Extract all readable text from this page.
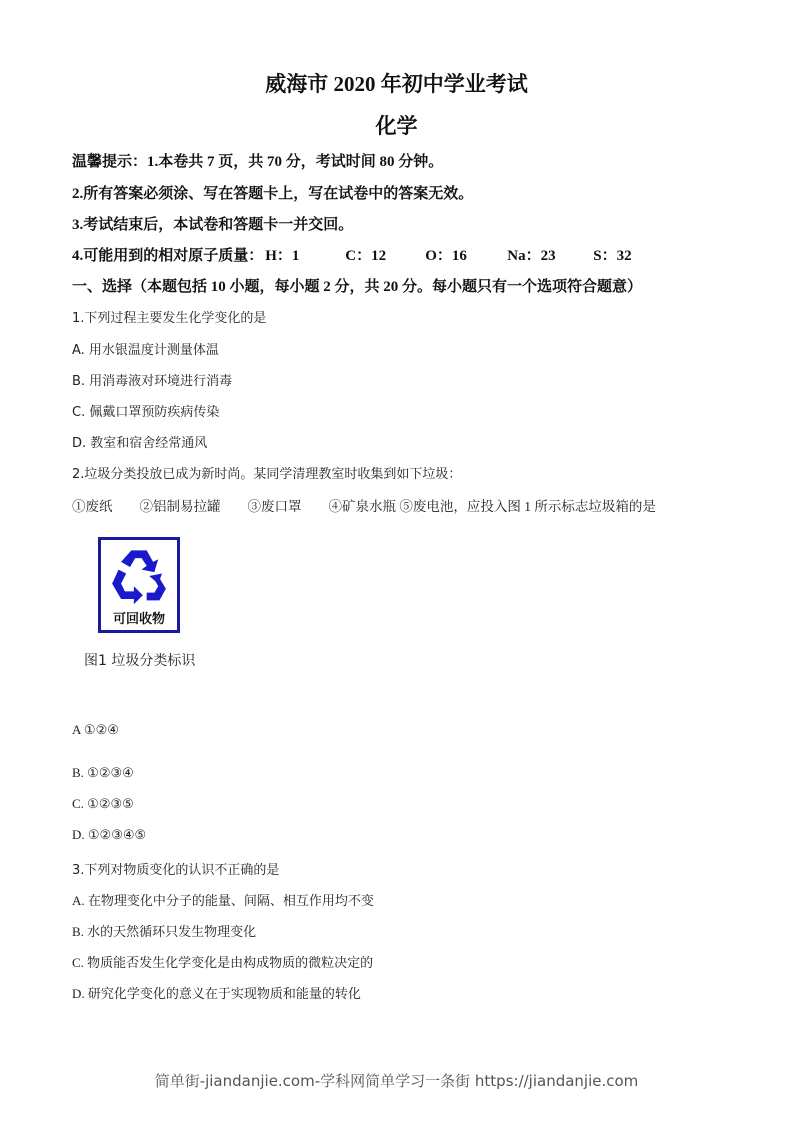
威海市 2020 年初中学业考试
化学
温馨提示：1.本卷共 7 页，共 70 分，考试时间 80 分钟。
2.所有答案必须涂、写在答题卡上，写在试卷中的答案无效。
3.考试结束后，本试卷和答题卡一并交回。
4.可能用到的相对原子质量： H：1	C：12	O：16	Na：23	S：32
一、选择（本题包括 10 小题，每小题 2 分，共 20 分。每小题只有一个选项符合题意）
1.下列过程主要发生化学变化的是
A. 用水银温度计测量体温
B. 用消毒液对环境进行消毒
C. 佩戴口罩预防疾病传染
D. 教室和宿舍经常通风
2.垃圾分类投放已成为新时尚。某同学清理教室时收集到如下垃圾：
①废纸　　②铝制易拉罐　　③废口罩　　④矿泉水瓶 ⑤废电池，应投入图 1 所示标志垃圾箱的是
可回收物
图1 垃圾分类标识
A ①②④
B. ①②③④
C. ①②③⑤
D. ①②③④⑤
3.下列对物质变化的认识不正确的是
A. 在物理变化中分子的能量、间隔、相互作用均不变
B. 水的天然循环只发生物理变化
C. 物质能否发生化学变化是由构成物质的微粒决定的
D. 研究化学变化的意义在于实现物质和能量的转化
简单街-jiandanjie.com-学科网简单学习一条街 https://jiandanjie.com
